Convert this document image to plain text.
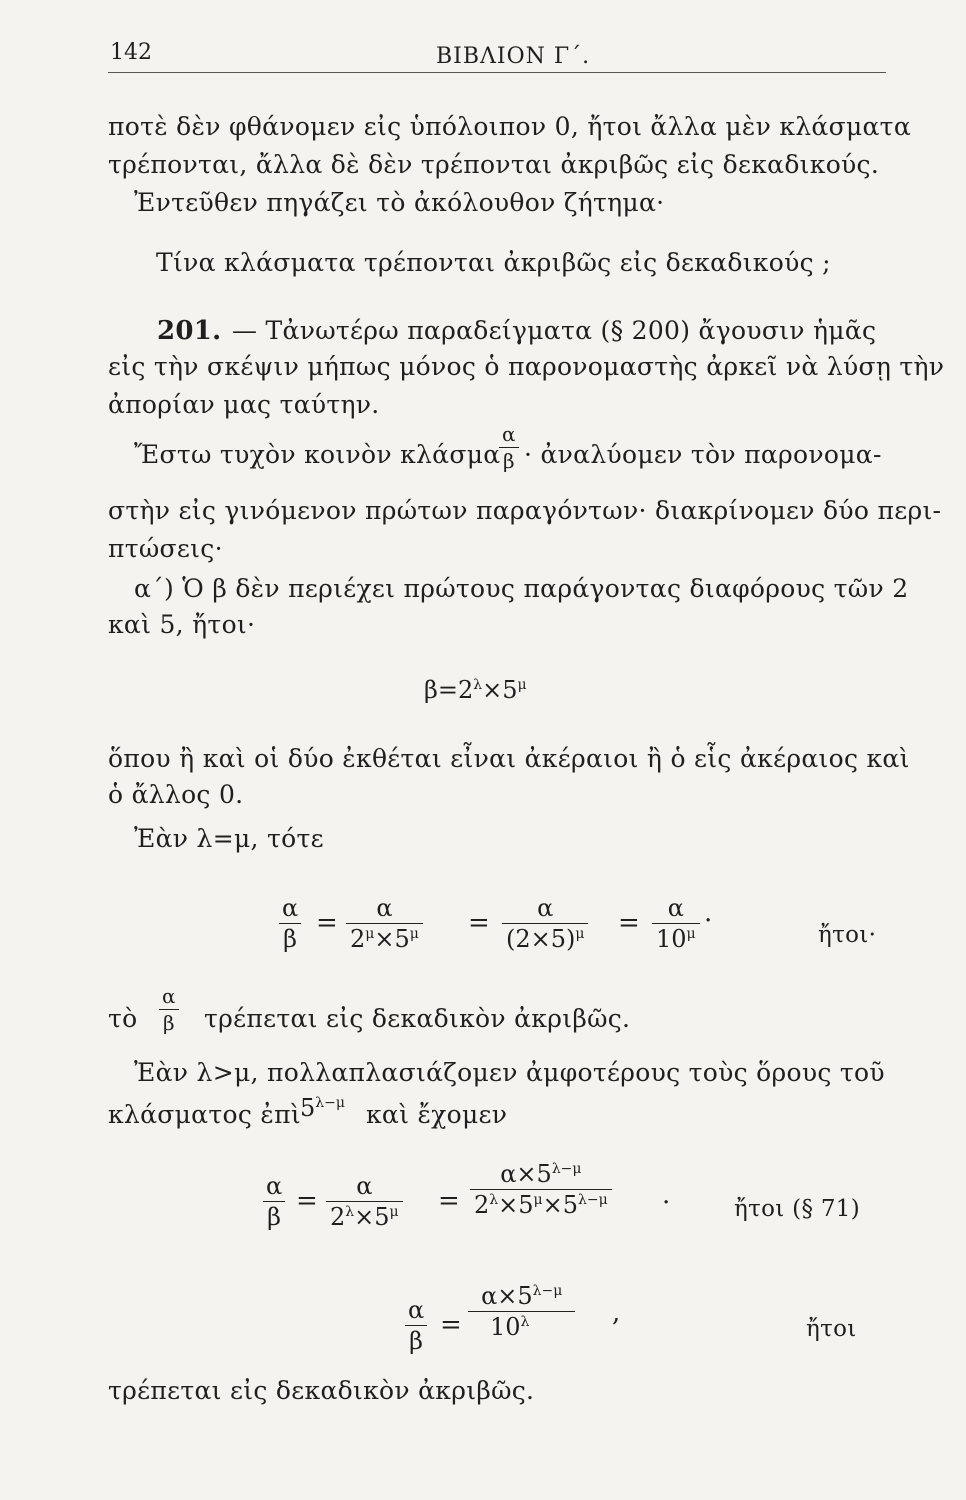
142	ΒΙΒΛΙΟΝ Γ΄.
ποτὲ δὲν φθάνομεν εἰς ὑπόλοιπον 0, ἤτοι ἄλλα μὲν κλάσματα
τρέπονται, ἄλλα δὲ δὲν τρέπονται ἀκριβῶς εἰς δεκαδικούς.
Ἐντεῦθεν πηγάζει τὸ ἀκόλουθον ζήτημα·
Τίνα κλάσματα τρέπονται ἀκριβῶς εἰς δεκαδικούς ;
201. — Τἀνωτέρω παραδείγματα (§ 200) ἄγουσιν ἡμᾶς
εἰς τὴν σκέψιν μήπως μόνος ὁ παρονομαστὴς ἀρκεῖ νὰ λύσῃ τὴν
ἀπορίαν μας ταύτην.
Ἔστω τυχὸν κοινὸν κλάσμα
$\frac{\alpha}{\beta}$ · ἀναλύομεν τὸν παρονομα-
στὴν εἰς γινόμενον πρώτων παραγόντων· διακρίνομεν δύο περι-
πτώσεις·
α΄) Ὁ β δὲν περιέχει πρώτους παράγοντας διαφόρους τῶν 2
καὶ 5, ἤτοι·
$\beta=2^\lambda\times 5^\mu$
ὅπου ἢ καὶ οἱ δύο ἐκθέται εἶναι ἀκέραιοι ἢ ὁ εἷς ἀκέραιος καὶ
ὁ ἄλλος 0.
Ἐὰν λ=μ, τότε
$\frac{\alpha}{\beta} = \frac{\alpha}{2^\mu\times 5^\mu} = \frac{\alpha}{(2\times 5)^\mu} = \frac{\alpha}{10^\mu}$ .
ἤτοι·
τὸ $\frac{\alpha}{\beta}$ τρέπεται εἰς δεκαδικὸν ἀκριβῶς.
Ἐὰν λ>μ, πολλαπλασιάζομεν ἀμφοτέρους τοὺς ὅρους τοῦ
κλάσματος ἐπὶ $5^{\lambda-\mu}$ καὶ ἔχομεν
$\frac{\alpha}{\beta} = \frac{\alpha}{2^\lambda\times 5^\mu} = \frac{\alpha\times 5^{\lambda-\mu}}{2^\lambda\times 5^\mu\times 5^{\lambda-\mu}}$ .	ἤτοι (§ 71)
$\frac{\alpha}{\beta} = \frac{\alpha\times 5^{\lambda-\mu}}{10^\lambda}$ ,
ἤτοι
τρέπεται εἰς δεκαδικὸν ἀκριβῶς.
